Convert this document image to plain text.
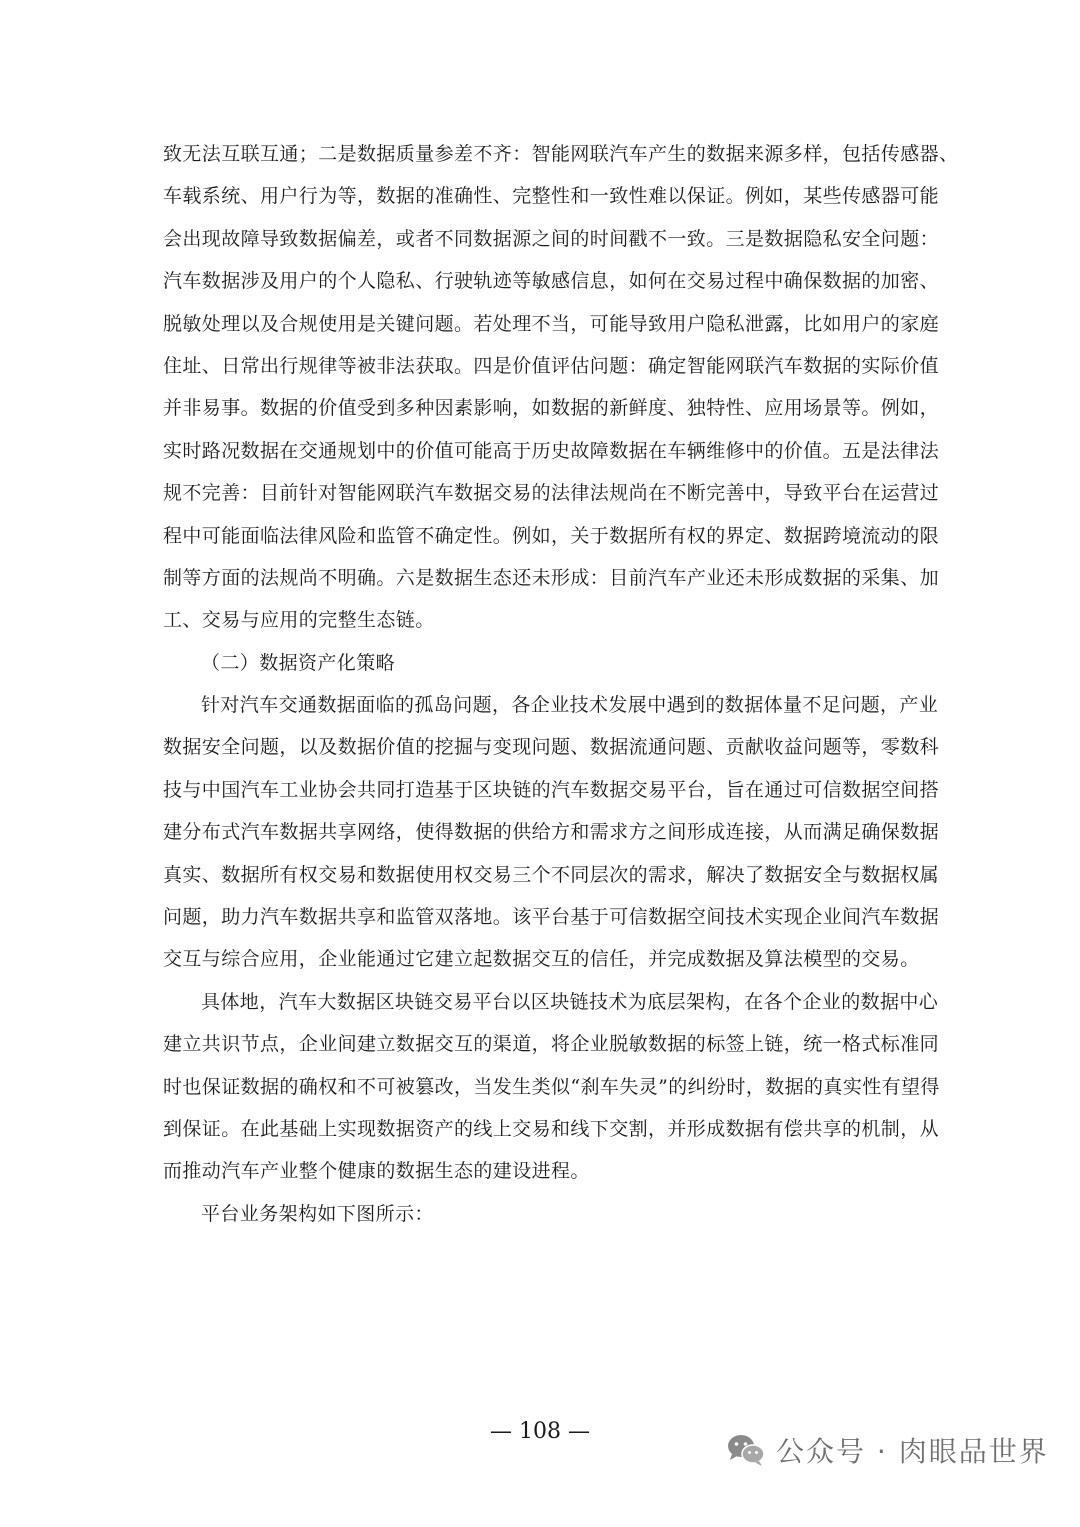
致无法互联互通；二是数据质量参差不齐：智能网联汽车产生的数据来源多样，包括传感器、
车载系统、用户行为等，数据的准确性、完整性和一致性难以保证。例如，某些传感器可能
会出现故障导致数据偏差，或者不同数据源之间的时间戳不一致。三是数据隐私安全问题：
汽车数据涉及用户的个人隐私、行驶轨迹等敏感信息，如何在交易过程中确保数据的加密、
脱敏处理以及合规使用是关键问题。若处理不当，可能导致用户隐私泄露，比如用户的家庭
住址、日常出行规律等被非法获取。四是价值评估问题：确定智能网联汽车数据的实际价值
并非易事。数据的价值受到多种因素影响，如数据的新鲜度、独特性、应用场景等。例如，
实时路况数据在交通规划中的价值可能高于历史故障数据在车辆维修中的价值。五是法律法
规不完善：目前针对智能网联汽车数据交易的法律法规尚在不断完善中，导致平台在运营过
程中可能面临法律风险和监管不确定性。例如，关于数据所有权的界定、数据跨境流动的限
制等方面的法规尚不明确。六是数据生态还未形成：目前汽车产业还未形成数据的采集、加
工、交易与应用的完整生态链。
（二）数据资产化策略
针对汽车交通数据面临的孤岛问题，各企业技术发展中遇到的数据体量不足问题，产业
数据安全问题，以及数据价值的挖掘与变现问题、数据流通问题、贡献收益问题等，零数科
技与中国汽车工业协会共同打造基于区块链的汽车数据交易平台，旨在通过可信数据空间搭
建分布式汽车数据共享网络，使得数据的供给方和需求方之间形成连接，从而满足确保数据
真实、数据所有权交易和数据使用权交易三个不同层次的需求，解决了数据安全与数据权属
问题，助力汽车数据共享和监管双落地。该平台基于可信数据空间技术实现企业间汽车数据
交互与综合应用，企业能通过它建立起数据交互的信任，并完成数据及算法模型的交易。
具体地，汽车大数据区块链交易平台以区块链技术为底层架构，在各个企业的数据中心
建立共识节点，企业间建立数据交互的渠道，将企业脱敏数据的标签上链，统一格式标准同
时也保证数据的确权和不可被篡改，当发生类似“刹车失灵”的纠纷时，数据的真实性有望得
到保证。在此基础上实现数据资产的线上交易和线下交割，并形成数据有偿共享的机制，从
而推动汽车产业整个健康的数据生态的建设进程。
平台业务架构如下图所示：
— 108 —
公众号 · 肉眼品世界
